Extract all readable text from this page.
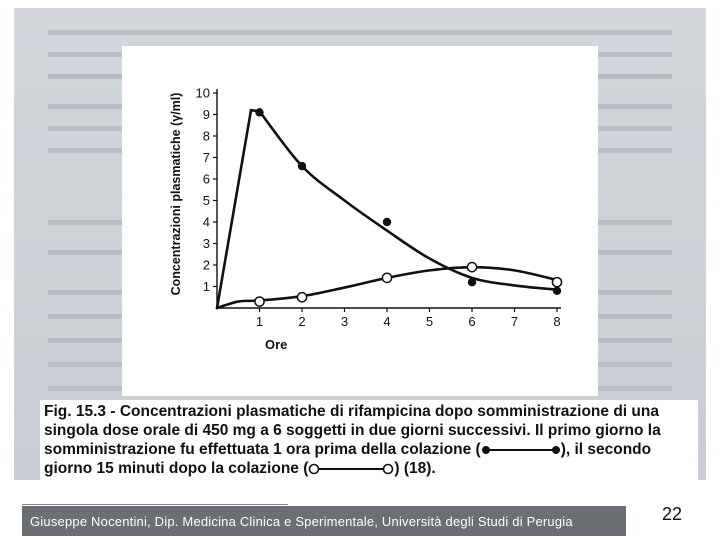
1
2
3
4
5
6
7
8
9
10
1	2	3	4	5	6	7	8
Concentrazioni plasmatiche (γ/ml)
Ore
Fig. 15.3 - Concentrazioni plasmatiche di rifampicina dopo somministrazione di una singola dose orale di 450 mg a 6 soggetti in due giorni successivi. Il primo giorno la somministrazione fu effettuata 1 ora prima della colazione (	), il secondo giorno 15 minuti dopo la colazione (	) (18).
Giuseppe Nocentini, Dip. Medicina Clinica e Sperimentale, Università degli Studi di Perugia	22
